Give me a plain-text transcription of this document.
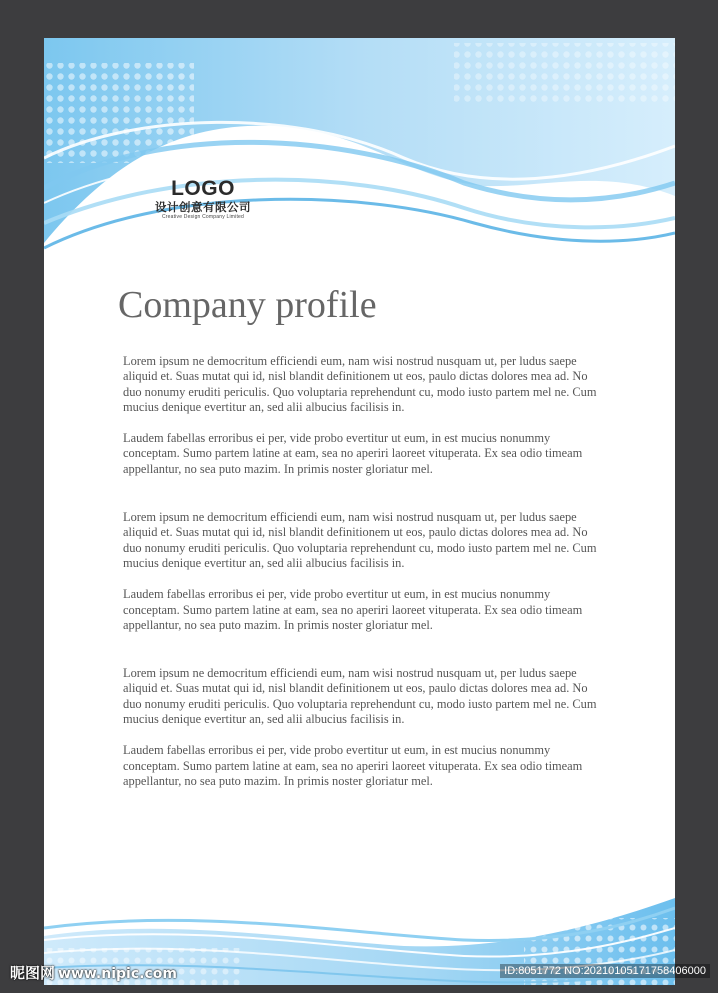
LOGO
设计创意有限公司
Creative Design Company Limited
Company profile

Lorem ipsum ne democritum efficiendi eum, nam wisi nostrud nusquam ut, per ludus saepe aliquid et. Suas mutat qui id, nisl blandit definitionem ut eos, paulo dictas dolores mea ad. No duo nonumy eruditi periculis. Quo voluptaria reprehendunt cu, modo iusto partem mel ne. Cum mucius denique evertitur an, sed alii albucius facilisis in.

Laudem fabellas erroribus ei per, vide probo evertitur ut eum, in est mucius nonummy conceptam. Sumo partem latine at eam, sea no aperiri laoreet vituperata. Ex sea odio timeam appellantur, no sea puto mazim. In primis noster gloriatur mel.

Lorem ipsum ne democritum efficiendi eum, nam wisi nostrud nusquam ut, per ludus saepe aliquid et. Suas mutat qui id, nisl blandit definitionem ut eos, paulo dictas dolores mea ad. No duo nonumy eruditi periculis. Quo voluptaria reprehendunt cu, modo iusto partem mel ne. Cum mucius denique evertitur an, sed alii albucius facilisis in.

Laudem fabellas erroribus ei per, vide probo evertitur ut eum, in est mucius nonummy conceptam. Sumo partem latine at eam, sea no aperiri laoreet vituperata. Ex sea odio timeam appellantur, no sea puto mazim. In primis noster gloriatur mel.

Lorem ipsum ne democritum efficiendi eum, nam wisi nostrud nusquam ut, per ludus saepe aliquid et. Suas mutat qui id, nisl blandit definitionem ut eos, paulo dictas dolores mea ad. No duo nonumy eruditi periculis. Quo voluptaria reprehendunt cu, modo iusto partem mel ne. Cum mucius denique evertitur an, sed alii albucius facilisis in.

Laudem fabellas erroribus ei per, vide probo evertitur ut eum, in est mucius nonummy conceptam. Sumo partem latine at eam, sea no aperiri laoreet vituperata. Ex sea odio timeam appellantur, no sea puto mazim. In primis noster gloriatur mel.

昵图网 www.nipic.com	ID:8051772 NO:20210105171758406000
